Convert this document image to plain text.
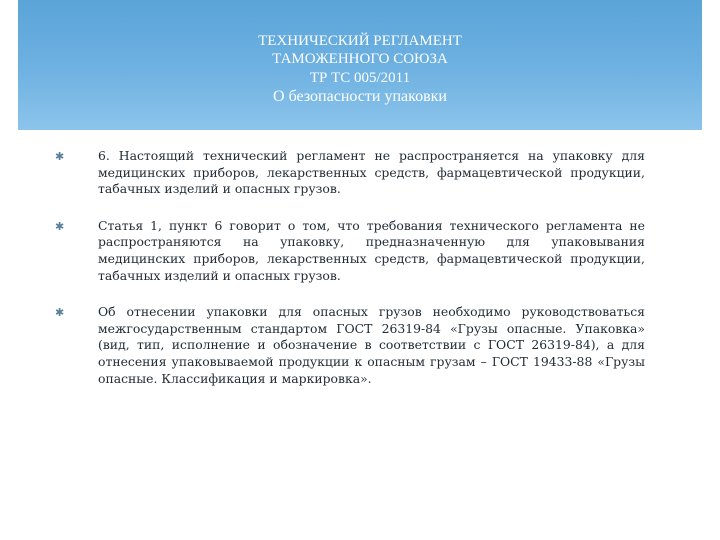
ТЕХНИЧЕСКИЙ РЕГЛАМЕНТ
ТАМОЖЕННОГО СОЮЗА
ТР ТС 005/2011
О безопасности упаковки
✱	6. Настоящий технический регламент не распространяется на упаковку для медицинских приборов, лекарственных средств, фармацевтической продукции, табачных изделий и опасных грузов.
✱	Статья 1, пункт 6 говорит о том, что требования технического регламента не распространяются на упаковку, предназначенную для упаковывания медицинских приборов, лекарственных средств, фармацевтической продукции, табачных изделий и опасных грузов.
✱	Об отнесении упаковки для опасных грузов необходимо руководствоваться межгосударственным стандартом ГОСТ 26319-84 «Грузы опасные. Упаковка» (вид, тип, исполнение и обозначение в соответствии с ГОСТ 26319-84), а для отнесения упаковываемой продукции к опасным грузам – ГОСТ 19433-88 «Грузы опасные. Классификация и маркировка».
